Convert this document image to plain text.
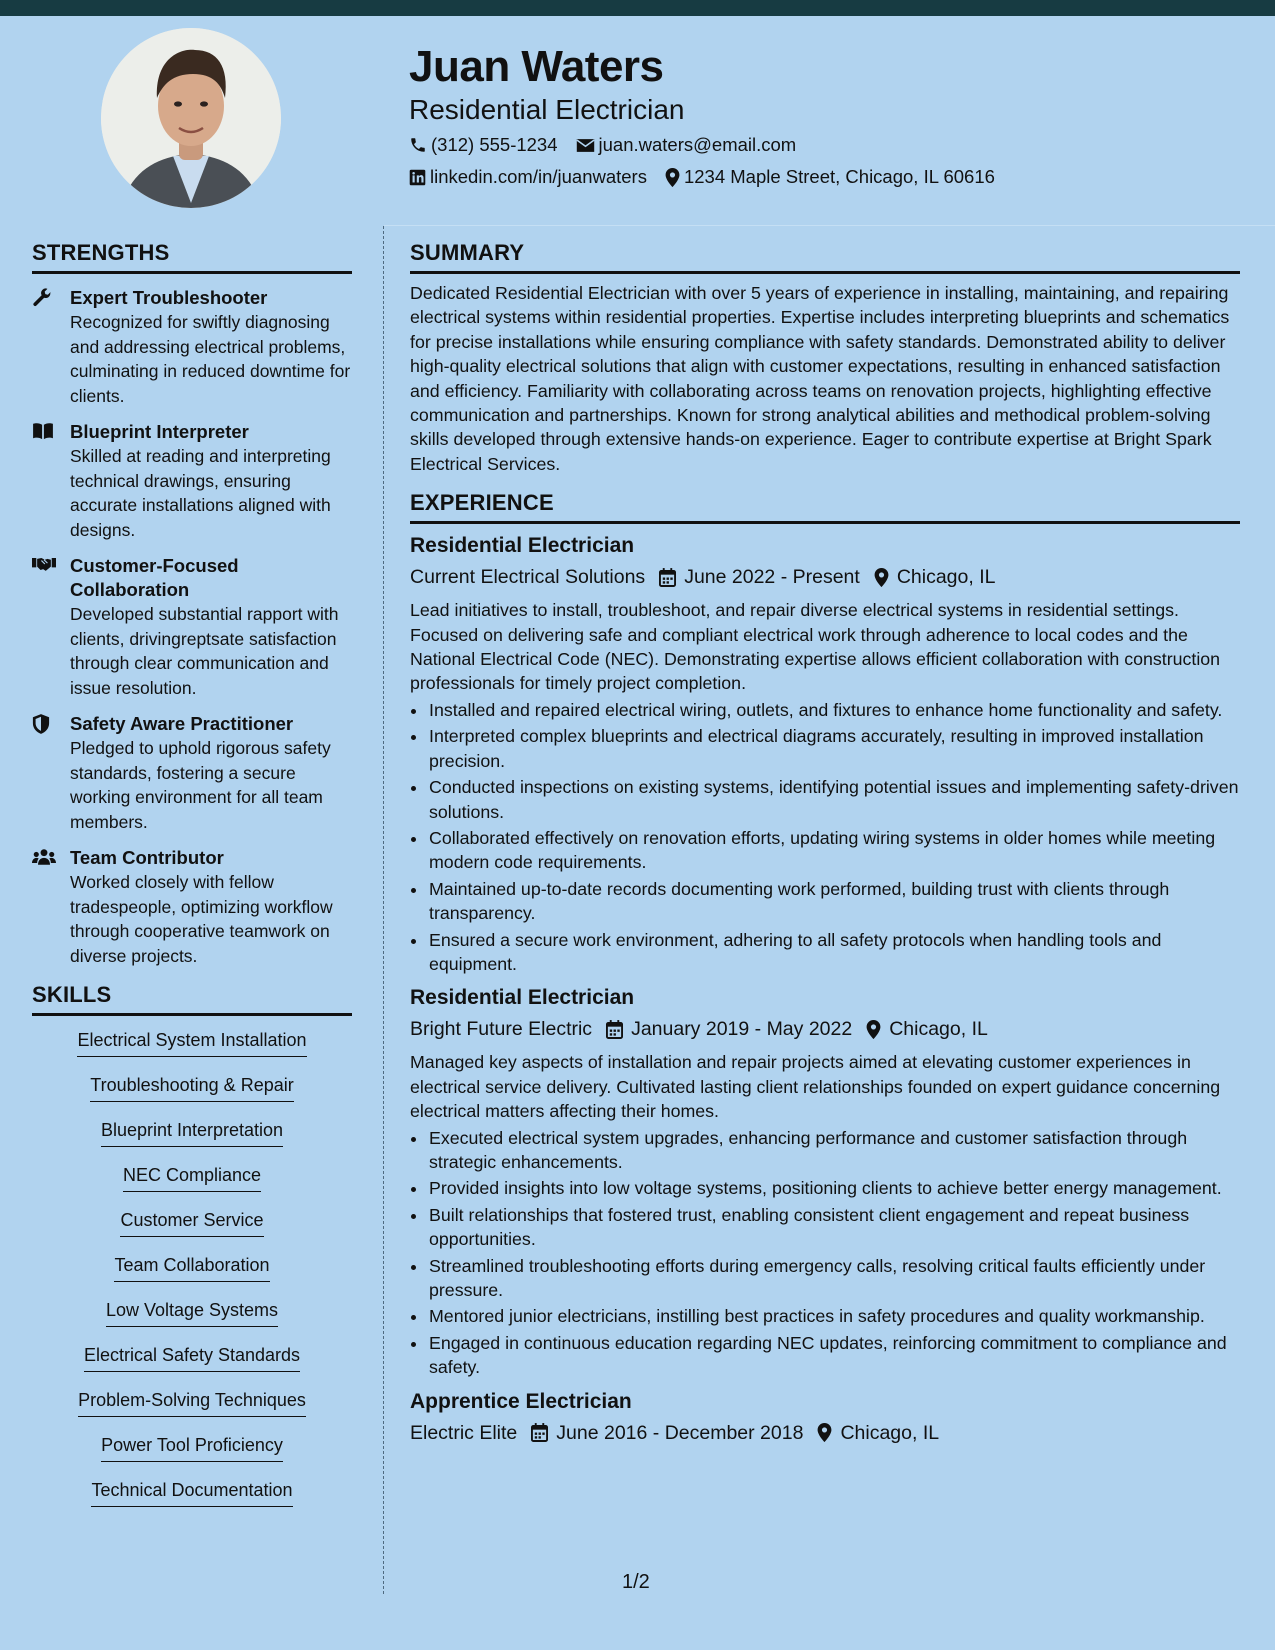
Juan Waters
Residential Electrician
(312) 555-1234 juan.waters@email.com
linkedin.com/in/juanwaters 1234 Maple Street, Chicago, IL 60616
STRENGTHS
Expert Troubleshooter
Recognized for swiftly diagnosing and addressing electrical problems, culminating in reduced downtime for clients.
Blueprint Interpreter
Skilled at reading and interpreting technical drawings, ensuring accurate installations aligned with designs.
Customer-Focused Collaboration
Developed substantial rapport with clients, drivingreptsate satisfaction through clear communication and issue resolution.
Safety Aware Practitioner
Pledged to uphold rigorous safety standards, fostering a secure working environment for all team members.
Team Contributor
Worked closely with fellow tradespeople, optimizing workflow through cooperative teamwork on diverse projects.
SKILLS
Electrical System Installation
Troubleshooting & Repair
Blueprint Interpretation
NEC Compliance
Customer Service
Team Collaboration
Low Voltage Systems
Electrical Safety Standards
Problem-Solving Techniques
Power Tool Proficiency
Technical Documentation
SUMMARY

Dedicated Residential Electrician with over 5 years of experience in installing, maintaining, and repairing electrical systems within residential properties. Expertise includes interpreting blueprints and schematics for precise installations while ensuring compliance with safety standards. Demonstrated ability to deliver high-quality electrical solutions that align with customer expectations, resulting in enhanced satisfaction and efficiency. Familiarity with collaborating across teams on renovation projects, highlighting effective communication and partnerships. Known for strong analytical abilities and methodical problem-solving skills developed through extensive hands-on experience. Eager to contribute expertise at Bright Spark Electrical Services.

EXPERIENCE
Residential Electrician
Current Electrical Solutions June 2022 - Present Chicago, IL
Lead initiatives to install, troubleshoot, and repair diverse electrical systems in residential settings. Focused on delivering safe and compliant electrical work through adherence to local codes and the National Electrical Code (NEC). Demonstrating expertise allows efficient collaboration with construction professionals for timely project completion.
• Installed and repaired electrical wiring, outlets, and fixtures to enhance home functionality and safety.
• Interpreted complex blueprints and electrical diagrams accurately, resulting in improved installation precision.
• Conducted inspections on existing systems, identifying potential issues and implementing safety-driven solutions.
• Collaborated effectively on renovation efforts, updating wiring systems in older homes while meeting modern code requirements.
• Maintained up-to-date records documenting work performed, building trust with clients through transparency.
• Ensured a secure work environment, adhering to all safety protocols when handling tools and equipment.
Residential Electrician
Bright Future Electric January 2019 - May 2022 Chicago, IL
Managed key aspects of installation and repair projects aimed at elevating customer experiences in electrical service delivery. Cultivated lasting client relationships founded on expert guidance concerning electrical matters affecting their homes.
• Executed electrical system upgrades, enhancing performance and customer satisfaction through strategic enhancements.
• Provided insights into low voltage systems, positioning clients to achieve better energy management.
• Built relationships that fostered trust, enabling consistent client engagement and repeat business opportunities.
• Streamlined troubleshooting efforts during emergency calls, resolving critical faults efficiently under pressure.
• Mentored junior electricians, instilling best practices in safety procedures and quality workmanship.
• Engaged in continuous education regarding NEC updates, reinforcing commitment to compliance and safety.
Apprentice Electrician
Electric Elite June 2016 - December 2018 Chicago, IL
1/2
